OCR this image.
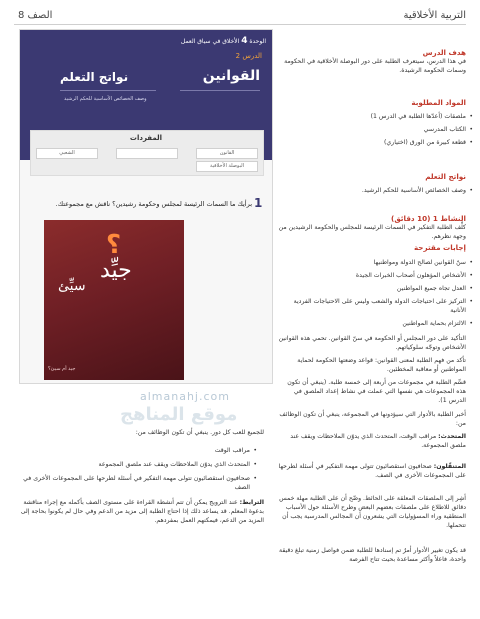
التربية الأخلاقية
الصف 8
الوحدة 4 الأخلاق في سياق العمل
الدرس 2
القوانين
نواتج التعلم
وصف الخصائص الأساسية للحكم الرشيد
المفردات
القانون
الشعبي
البوصلة الأخلاقية
1
برأيك ما السمات الرئيسة لمجلس وحكومة رشيدين؟ ناقش مع مجموعتك.
؟
جيِّد
سيِّئ
جيد أم سيئ؟
almanahj.com
موقع المناهج
هدف الدرس
في هذا الدرس، سيتعرف الطلبة على دور البوصلة الأخلاقية في الحكومة وسمات الحكومة الرشيدة.
المواد المطلوبة
ملصقات (أعدّها الطلبة في الدرس 1) •
الكتاب المدرسي •
قطعة كبيرة من الورق (اختياري) •
نواتج التعلم
وصف الخصائص الأساسية للحكم الرشيد. •
النشاط 1 (10 دقائق)
كلِّف الطلبة التفكير في السمات الرئيسة للمجلس والحكومة الرشيدين من وجهة نظرهم.
إجابات مقترحة
سنّ القوانين لصالح الدولة ومواطنيها •
الأشخاص المؤهلون أصحاب الخبرات الجيدة •
العدل تجاه جميع المواطنين •
التركيز على احتياجات الدولة والشعب وليس على الاحتياجات الفردية الأنانية •
الالتزام بحماية المواطنين •
التأكيد على دور المجلس أو الحكومة في سنّ القوانين. تحمي هذه القوانين الأشخاص وتوجّه سلوكياتهم.
تأكد من فهم الطلبة لمعنى القوانين: قواعد وضعتها الحكومة لحماية المواطنين أو معاقبة المخطئين.
قسِّم الطلبة في مجموعات من أربعة إلى خمسة طلبة. (ينبغي أن تكون هذه المجموعات هي نفسها التي عملت في نشاط إعداد الملصق في الدرس 1).
أخبر الطلبة بالأدوار التي سيؤدونها في المجموعة، ينبغي أن تكون الوظائف من:
المتحدث: مراقب الوقت، المتحدث الذي يدوّن الملاحظات ويقف عند ملصق المجموعة.
المتنقّلون: صحافيون استقصائيون تتولى مهمة التفكير في أسئلة لطرحها على المجموعات الأخرى في الصف.
أشِر إلى الملصقات المعلقة على الحائط. وضّح أن على الطلبة مهلة خمس دقائق للاطلاع على ملصقات بعضهم البعض وطرح الأسئلة حول الأسباب المنطقية وراء المسؤوليات التي يشعرون أن المجالس المدرسية يجب أن تتحملها.
قد يكون تغيير الأدوار أمرٌ تم إسنادها للطلبة ضمن فواصل زمنية تبلغ دقيقة واحدة، فاعلاً وأكثر مساعدة بحيث تتاح الفرصة
للجميع للعب كل دور. ينبغي أن تكون الوظائف من:
مراقب الوقت •
المتحدث الذي يدوّن الملاحظات ويقف عند ملصق المجموعة •
صحافيون استقصائيون تتولى مهمة التفكير في أسئلة لطرحها على المجموعات الأخرى في الصف •
الترابط: عند الترويج يمكن أن تتم أنشطة القراءة على مستوى الصف بأكمله مع إجراء مناقشة بدعوة المعلم. قد يساعد ذلك إذا احتاج الطلبة إلى مزيد من الدعم وفي حال لم يكونوا بحاجة إلى المزيد من الدعم، فيمكنهم العمل بمفردهم.
